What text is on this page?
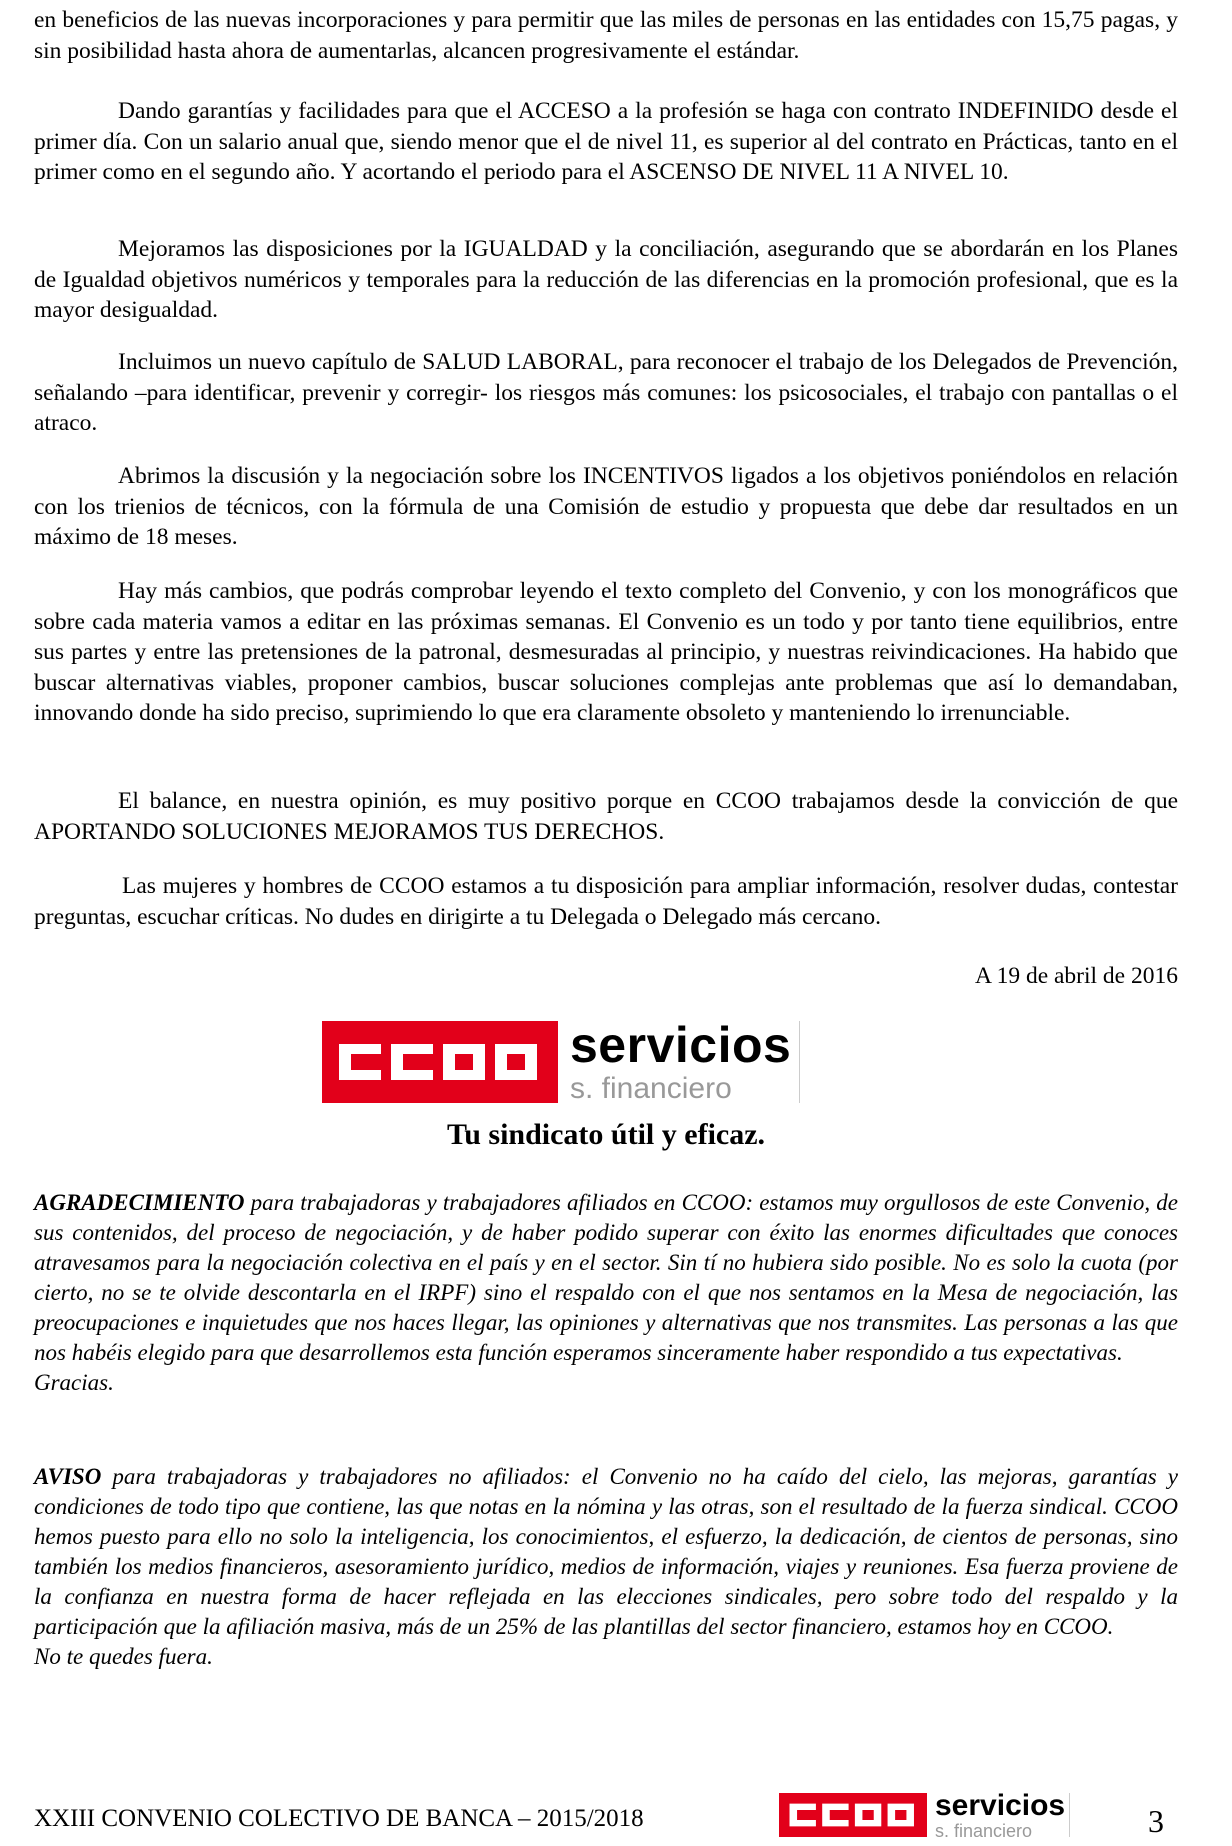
en beneficios de las nuevas incorporaciones y para permitir que las miles de personas en las entidades con 15,75 pagas, y sin posibilidad hasta ahora de aumentarlas, alcancen progresivamente el estándar.

Dando garantías y facilidades para que el ACCESO a la profesión se haga con contrato INDEFINIDO desde el primer día. Con un salario anual que, siendo menor que el de nivel 11, es superior al del contrato en Prácticas, tanto en el primer como en el segundo año. Y acortando el periodo para el ASCENSO DE NIVEL 11 A NIVEL 10.

Mejoramos las disposiciones por la IGUALDAD y la conciliación, asegurando que se abordarán en los Planes de Igualdad objetivos numéricos y temporales para la reducción de las diferencias en la promoción profesional, que es la mayor desigualdad.

Incluimos un nuevo capítulo de SALUD LABORAL, para reconocer el trabajo de los Delegados de Prevención, señalando –para identificar, prevenir y corregir- los riesgos más comunes: los psicosociales, el trabajo con pantallas o el atraco.

Abrimos la discusión y la negociación sobre los INCENTIVOS ligados a los objetivos poniéndolos en relación con los trienios de técnicos, con la fórmula de una Comisión de estudio y propuesta que debe dar resultados en un máximo de 18 meses.

Hay más cambios, que podrás comprobar leyendo el texto completo del Convenio, y con los monográficos que sobre cada materia vamos a editar en las próximas semanas. El Convenio es un todo y por tanto tiene equilibrios, entre sus partes y entre las pretensiones de la patronal, desmesuradas al principio, y nuestras reivindicaciones. Ha habido que buscar alternativas viables, proponer cambios, buscar soluciones complejas ante problemas que así lo demandaban, innovando donde ha sido preciso, suprimiendo lo que era claramente obsoleto y manteniendo lo irrenunciable.

El balance, en nuestra opinión, es muy positivo porque en CCOO trabajamos desde la convicción de que APORTANDO SOLUCIONES MEJORAMOS TUS DERECHOS.

Las mujeres y hombres de CCOO estamos a tu disposición para ampliar información, resolver dudas, contestar preguntas, escuchar críticas. No dudes en dirigirte a tu Delegada o Delegado más cercano.

A 19 de abril de 2016

servicios
s. financiero

Tu sindicato útil y eficaz.

AGRADECIMIENTO para trabajadoras y trabajadores afiliados en CCOO: estamos muy orgullosos de este Convenio, de sus contenidos, del proceso de negociación, y de haber podido superar con éxito las enormes dificultades que conoces atravesamos para la negociación colectiva en el país y en el sector. Sin tí no hubiera sido posible. No es solo la cuota (por cierto, no se te olvide descontarla en el IRPF) sino el respaldo con el que nos sentamos en la Mesa de negociación, las preocupaciones e inquietudes que nos haces llegar, las opiniones y alternativas que nos transmites. Las personas a las que nos habéis elegido para que desarrollemos esta función esperamos sinceramente haber respondido a tus expectativas.
Gracias.
AVISO para trabajadoras y trabajadores no afiliados: el Convenio no ha caído del cielo, las mejoras, garantías y condiciones de todo tipo que contiene, las que notas en la nómina y las otras, son el resultado de la fuerza sindical. CCOO hemos puesto para ello no solo la inteligencia, los conocimientos, el esfuerzo, la dedicación, de cientos de personas, sino también los medios financieros, asesoramiento jurídico, medios de información, viajes y reuniones. Esa fuerza proviene de la confianza en nuestra forma de hacer reflejada en las elecciones sindicales, pero sobre todo del respaldo y la participación que la afiliación masiva, más de un 25% de las plantillas del sector financiero, estamos hoy en CCOO.
No te quedes fuera.

XXIII CONVENIO COLECTIVO DE BANCA – 2015/2018	servicios
s. financiero	3
